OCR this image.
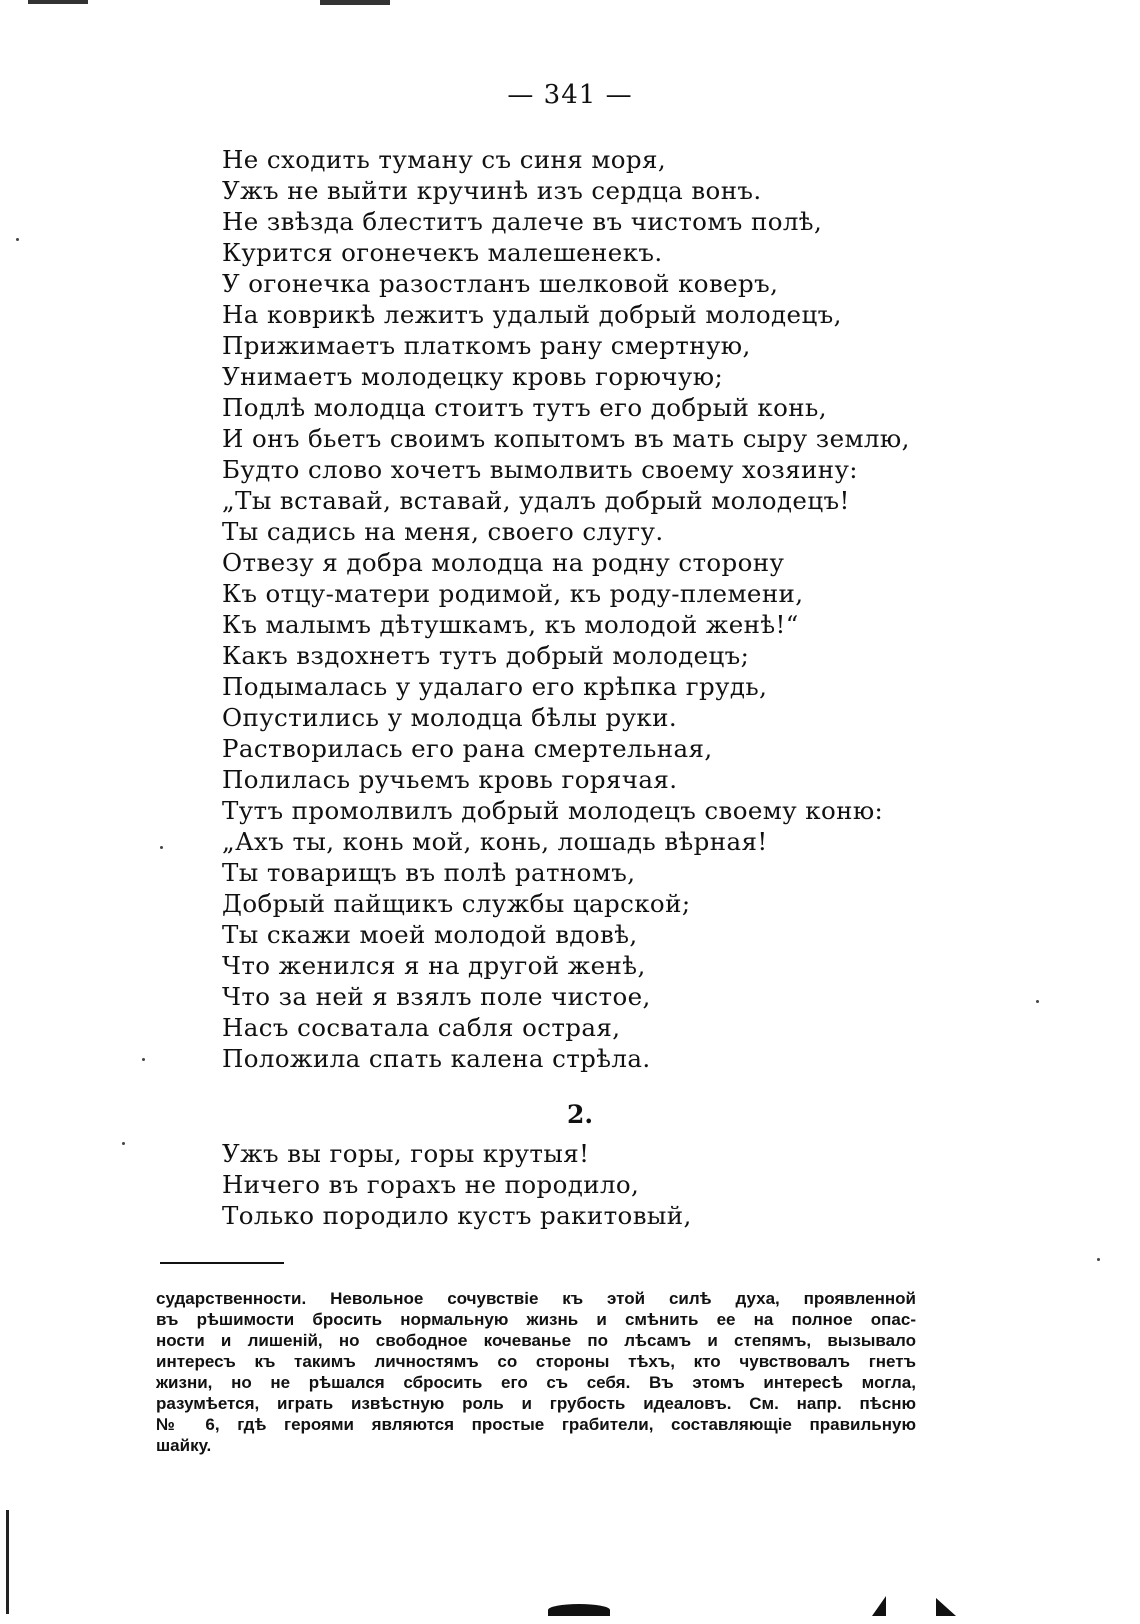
— 341 —
Не сходить туману съ синя моря,
Ужъ не выйти кручинѣ изъ сердца вонъ.
Не звѣзда блеститъ далече въ чистомъ полѣ,
Курится огонечекъ малешенекъ.
У огонечка разостланъ шелковой коверъ,
На коврикѣ лежитъ удалый добрый молодецъ,
Прижимаетъ платкомъ рану смертную,
Унимаетъ молодецку кровь горючую;
Подлѣ молодца стоитъ тутъ его добрый конь,
И онъ бьетъ своимъ копытомъ въ мать сыру землю,
Будто слово хочетъ вымолвить своему хозяину:
„Ты вставай, вставай, удалъ добрый молодецъ!
Ты садись на меня, своего слугу.
Отвезу я добра молодца на родну сторону
Къ отцу-матери родимой, къ роду-племени,
Къ малымъ дѣтушкамъ, къ молодой женѣ!“
Какъ вздохнетъ тутъ добрый молодецъ;
Подымалась у удалаго его крѣпка грудь,
Опустились у молодца бѣлы руки.
Растворилась его рана смертельная,
Полилась ручьемъ кровь горячая.
Тутъ промолвилъ добрый молодецъ своему коню:
„Ахъ ты, конь мой, конь, лошадь вѣрная!
Ты товарищъ въ полѣ ратномъ,
Добрый пайщикъ службы царской;
Ты скажи моей молодой вдовѣ,
Что женился я на другой женѣ,
Что за ней я взялъ поле чистое,
Насъ сосватала сабля острая,
Положила спать калена стрѣла.
2.
Ужъ вы горы, горы крутыя!
Ничего въ горахъ не породило,
Только породило кустъ ракитовый,
сударственности. Невольное сочувствіе къ этой силѣ духа, проявленной
въ рѣшимости бросить нормальную жизнь и смѣнить ее на полное опас-
ности и лишеній, но свободное кочеванье по лѣсамъ и степямъ, вызывало
интересъ къ такимъ личностямъ со стороны тѣхъ, кто чувствовалъ гнетъ
жизни, но не рѣшался сбросить его съ себя. Въ этомъ интересѣ могла,
разумѣется, играть извѣстную роль и грубость идеаловъ. См. напр. пѣсню
№ 6, гдѣ героями являются простые грабители, составляющіе правильную
шайку.
